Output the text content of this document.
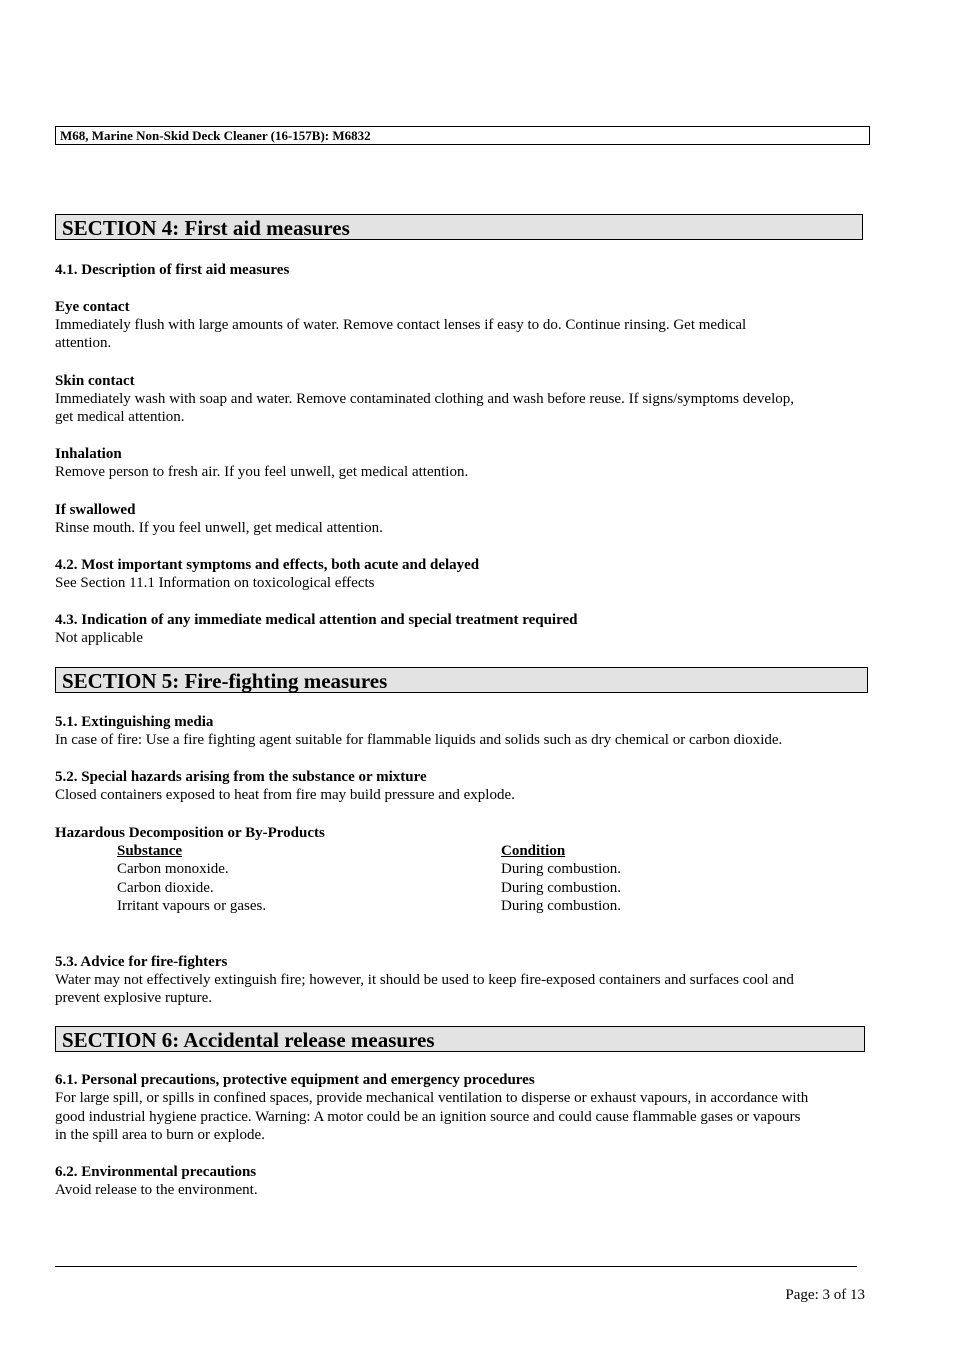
M68, Marine Non-Skid Deck Cleaner (16-157B): M6832
SECTION 4: First aid measures
4.1. Description of first aid measures
Eye contact
Immediately flush with large amounts of water. Remove contact lenses if easy to do. Continue rinsing. Get medical
attention.
Skin contact
Immediately wash with soap and water. Remove contaminated clothing and wash before reuse. If signs/symptoms develop,
get medical attention.
Inhalation
Remove person to fresh air. If you feel unwell, get medical attention.
If swallowed
Rinse mouth. If you feel unwell, get medical attention.
4.2. Most important symptoms and effects, both acute and delayed
See Section 11.1 Information on toxicological effects
4.3. Indication of any immediate medical attention and special treatment required
Not applicable
SECTION 5: Fire-fighting measures
5.1. Extinguishing media
In case of fire: Use a fire fighting agent suitable for flammable liquids and solids such as dry chemical or carbon dioxide.
5.2. Special hazards arising from the substance or mixture
Closed containers exposed to heat from fire may build pressure and explode.
Hazardous Decomposition or By-Products
Substance	Condition
Carbon monoxide.	During combustion.
Carbon dioxide.	During combustion.
Irritant vapours or gases.	During combustion.
5.3. Advice for fire-fighters
Water may not effectively extinguish fire; however, it should be used to keep fire-exposed containers and surfaces cool and
prevent explosive rupture.
SECTION 6: Accidental release measures
6.1. Personal precautions, protective equipment and emergency procedures
For large spill, or spills in confined spaces, provide mechanical ventilation to disperse or exhaust vapours, in accordance with
good industrial hygiene practice. Warning: A motor could be an ignition source and could cause flammable gases or vapours
in the spill area to burn or explode.
6.2. Environmental precautions
Avoid release to the environment.
Page: 3 of 13
